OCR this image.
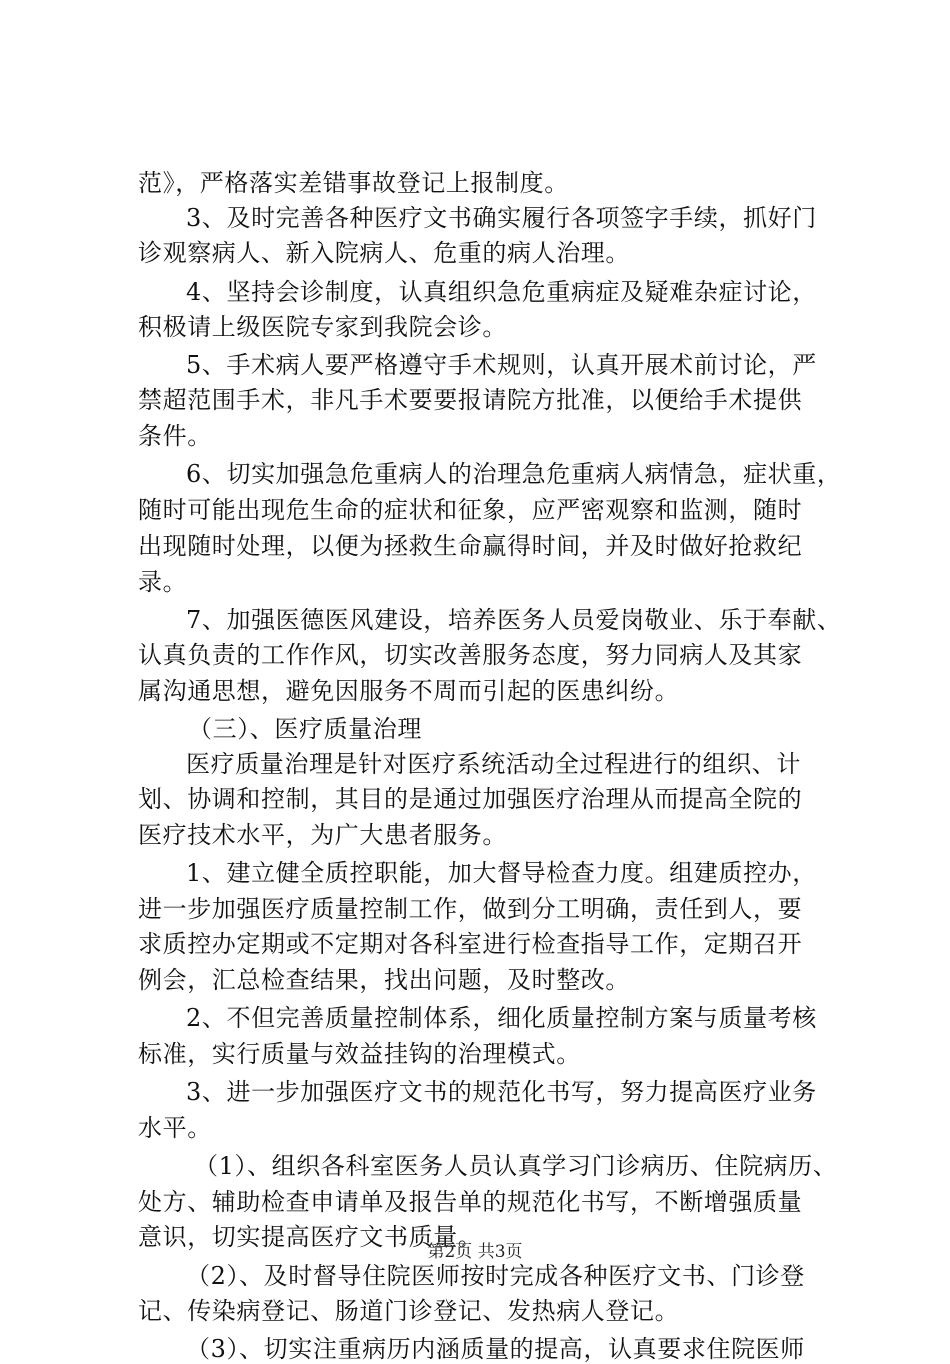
范》，严格落实差错事故登记上报制度。
3、及时完善各种医疗文书确实履行各项签字手续，抓好门
诊观察病人、新入院病人、危重的病人治理。
4、坚持会诊制度，认真组织急危重病症及疑难杂症讨论，
积极请上级医院专家到我院会诊。
5、手术病人要严格遵守手术规则，认真开展术前讨论，严
禁超范围手术，非凡手术要要报请院方批准，以便给手术提供
条件。
6、切实加强急危重病人的治理急危重病人病情急，症状重，
随时可能出现危生命的症状和征象，应严密观察和监测，随时
出现随时处理，以便为拯救生命赢得时间，并及时做好抢救纪
录。
7、加强医德医风建设，培养医务人员爱岗敬业、乐于奉献、
认真负责的工作作风，切实改善服务态度，努力同病人及其家
属沟通思想，避免因服务不周而引起的医患纠纷。
（三）、医疗质量治理
医疗质量治理是针对医疗系统活动全过程进行的组织、计
划、协调和控制，其目的是通过加强医疗治理从而提高全院的
医疗技术水平，为广大患者服务。
1、建立健全质控职能，加大督导检查力度。组建质控办，
进一步加强医疗质量控制工作，做到分工明确，责任到人，要
求质控办定期或不定期对各科室进行检查指导工作，定期召开
例会，汇总检查结果，找出问题，及时整改。
2、不但完善质量控制体系，细化质量控制方案与质量考核
标准，实行质量与效益挂钩的治理模式。
3、进一步加强医疗文书的规范化书写，努力提高医疗业务
水平。
（1）、组织各科室医务人员认真学习门诊病历、住院病历、
处方、辅助检查申请单及报告单的规范化书写，不断增强质量
意识，切实提高医疗文书质量。
（2）、及时督导住院医师按时完成各种医疗文书、门诊登
记、传染病登记、肠道门诊登记、发热病人登记。
（3）、切实注重病历内涵质量的提高，认真要求住院医师
第2页 共3页
